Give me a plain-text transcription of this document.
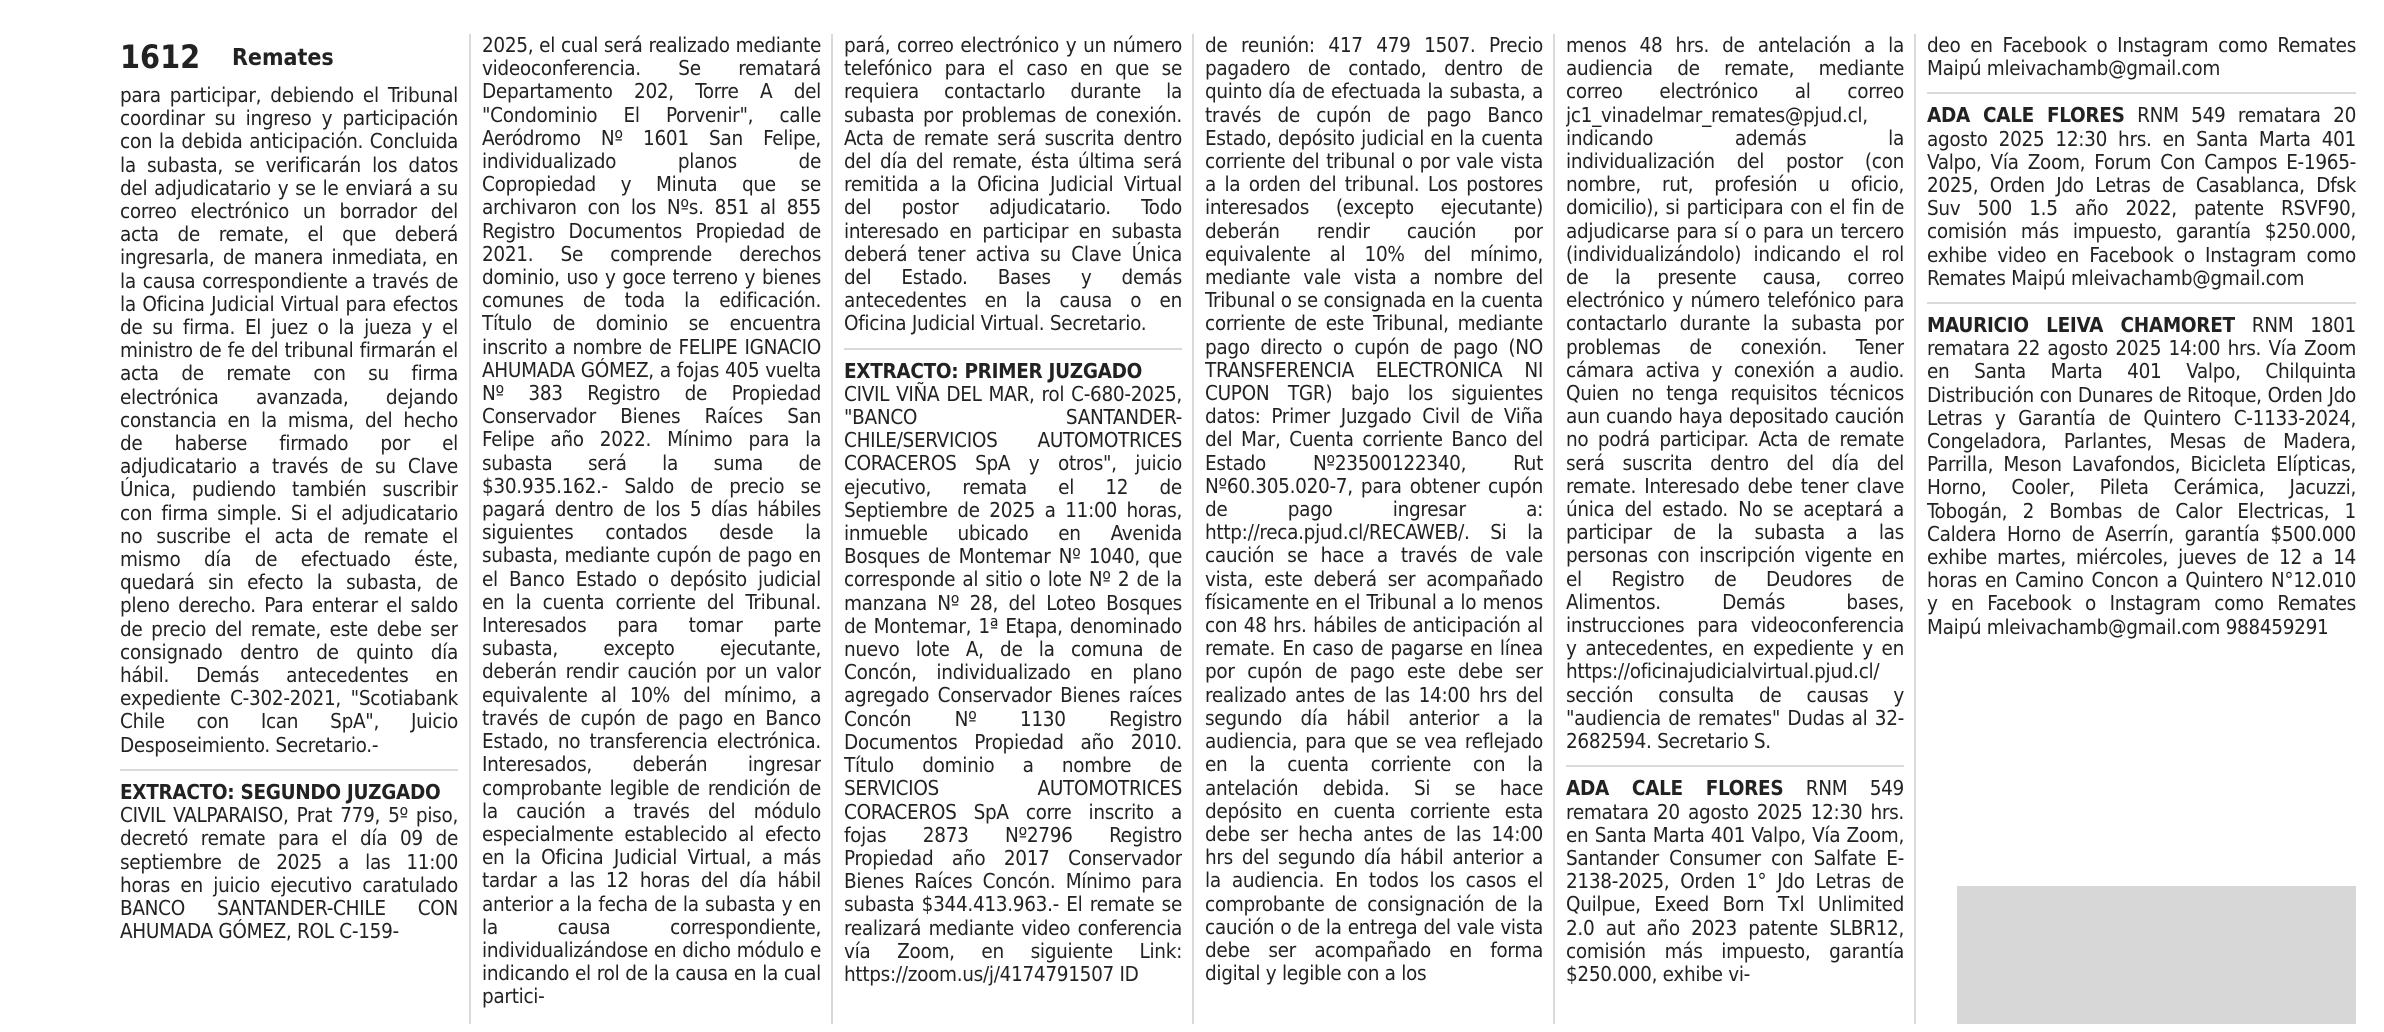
1612 Remates

para participar, debiendo el Tribunal coordinar su ingreso y participación con la debida anticipación. Concluida la subasta, se verificarán los datos del adjudicatario y se le enviará a su correo electrónico un borrador del acta de remate, el que deberá ingresarla, de manera inmediata, en la causa correspondiente a través de la Oficina Judicial Virtual para efectos de su firma. El juez o la jueza y el ministro de fe del tribunal firmarán el acta de remate con su firma electrónica avanzada, dejando constancia en la misma, del hecho de haberse firmado por el adjudicatario a través de su Clave Única, pudiendo también suscribir con firma simple. Si el adjudicatario no suscribe el acta de remate el mismo día de efectuado éste, quedará sin efecto la subasta, de pleno derecho. Para enterar el saldo de precio del remate, este debe ser consignado dentro de quinto día hábil. Demás antecedentes en expediente C-302-2021, "Scotiabank Chile con Ican SpA", Juicio Desposeimiento. Secretario.-

EXTRACTO: SEGUNDO JUZGADO
CIVIL VALPARAISO, Prat 779, 5º piso, decretó remate para el día 09 de septiembre de 2025 a las 11:00 horas en juicio ejecutivo caratulado BANCO SANTANDER-CHILE CON AHUMADA GÓMEZ, ROL C-159-

2025, el cual será realizado mediante videoconferencia. Se rematará Departamento 202, Torre A del "Condominio El Porvenir", calle Aeródromo Nº 1601 San Felipe, individualizado planos de Copropiedad y Minuta que se archivaron con los Nºs. 851 al 855 Registro Documentos Propiedad de 2021. Se comprende derechos dominio, uso y goce terreno y bienes comunes de toda la edificación. Título de dominio se encuentra inscrito a nombre de FELIPE IGNACIO AHUMADA GÓMEZ, a fojas 405 vuelta Nº 383 Registro de Propiedad Conservador Bienes Raíces San Felipe año 2022. Mínimo para la subasta será la suma de $30.935.162.- Saldo de precio se pagará dentro de los 5 días hábiles siguientes contados desde la subasta, mediante cupón de pago en el Banco Estado o depósito judicial en la cuenta corriente del Tribunal. Interesados para tomar parte subasta, excepto ejecutante, deberán rendir caución por un valor equivalente al 10% del mínimo, a través de cupón de pago en Banco Estado, no transferencia electrónica. Interesados, deberán ingresar comprobante legible de rendición de la caución a través del módulo especialmente establecido al efecto en la Oficina Judicial Virtual, a más tardar a las 12 horas del día hábil anterior a la fecha de la subasta y en la causa correspondiente, individualizándose en dicho módulo e indicando el rol de la causa en la cual partici-

pará, correo electrónico y un número telefónico para el caso en que se requiera contactarlo durante la subasta por problemas de conexión. Acta de remate será suscrita dentro del día del remate, ésta última será remitida a la Oficina Judicial Virtual del postor adjudicatario. Todo interesado en participar en subasta deberá tener activa su Clave Única del Estado. Bases y demás antecedentes en la causa o en Oficina Judicial Virtual. Secretario.

EXTRACTO: PRIMER JUZGADO
CIVIL VIÑA DEL MAR, rol C-680-2025, "BANCO SANTANDER-CHILE/SERVICIOS AUTOMOTRICES CORACEROS SpA y otros", juicio ejecutivo, remata el 12 de Septiembre de 2025 a 11:00 horas, inmueble ubicado en Avenida Bosques de Montemar Nº 1040, que corresponde al sitio o lote Nº 2 de la manzana Nº 28, del Loteo Bosques de Montemar, 1ª Etapa, denominado nuevo lote A, de la comuna de Concón, individualizado en plano agregado Conservador Bienes raíces Concón Nº 1130 Registro Documentos Propiedad año 2010. Título dominio a nombre de SERVICIOS AUTOMOTRICES CORACEROS SpA corre inscrito a fojas 2873 Nº2796 Registro Propiedad año 2017 Conservador Bienes Raíces Concón. Mínimo para subasta $344.413.963.- El remate se realizará mediante video conferencia vía Zoom, en siguiente Link: https://zoom.us/j/4174791507 ID

de reunión: 417 479 1507. Precio pagadero de contado, dentro de quinto día de efectuada la subasta, a través de cupón de pago Banco Estado, depósito judicial en la cuenta corriente del tribunal o por vale vista a la orden del tribunal. Los postores interesados (excepto ejecutante) deberán rendir caución por equivalente al 10% del mínimo, mediante vale vista a nombre del Tribunal o se consignada en la cuenta corriente de este Tribunal, mediante pago directo o cupón de pago (NO TRANSFERENCIA ELECTRONICA NI CUPON TGR) bajo los siguientes datos: Primer Juzgado Civil de Viña del Mar, Cuenta corriente Banco del Estado Nº23500122340, Rut Nº60.305.020-7, para obtener cupón de pago ingresar a: http://reca.pjud.cl/RECAWEB/. Si la caución se hace a través de vale vista, este deberá ser acompañado físicamente en el Tribunal a lo menos con 48 hrs. hábiles de anticipación al remate. En caso de pagarse en línea por cupón de pago este debe ser realizado antes de las 14:00 hrs del segundo día hábil anterior a la audiencia, para que se vea reflejado en la cuenta corriente con la antelación debida. Si se hace depósito en cuenta corriente esta debe ser hecha antes de las 14:00 hrs del segundo día hábil anterior a la audiencia. En todos los casos el comprobante de consignación de la caución o de la entrega del vale vista debe ser acompañado en forma digital y legible con a los

menos 48 hrs. de antelación a la audiencia de remate, mediante correo electrónico al correo jc1_vinadelmar_remates@pjud.cl, indicando además la individualización del postor (con nombre, rut, profesión u oficio, domicilio), si participara con el fin de adjudicarse para sí o para un tercero (individualizándolo) indicando el rol de la presente causa, correo electrónico y número telefónico para contactarlo durante la subasta por problemas de conexión. Tener cámara activa y conexión a audio. Quien no tenga requisitos técnicos aun cuando haya depositado caución no podrá participar. Acta de remate será suscrita dentro del día del remate. Interesado debe tener clave única del estado. No se aceptará a participar de la subasta a las personas con inscripción vigente en el Registro de Deudores de Alimentos. Demás bases, instrucciones para videoconferencia y antecedentes, en expediente y en https://oficinajudicialvirtual.pjud.cl/ sección consulta de causas y "audiencia de remates" Dudas al 32-2682594. Secretario S.

ADA CALE FLORES RNM 549 rematara 20 agosto 2025 12:30 hrs. en Santa Marta 401 Valpo, Vía Zoom, Santander Consumer con Salfate E-2138-2025, Orden 1° Jdo Letras de Quilpue, Exeed Born Txl Unlimited 2.0 aut año 2023 patente SLBR12, comisión más impuesto, garantía $250.000, exhibe vi-

deo en Facebook o Instagram como Remates Maipú mleivachamb@gmail.com

ADA CALE FLORES RNM 549 rematara 20 agosto 2025 12:30 hrs. en Santa Marta 401 Valpo, Vía Zoom, Forum Con Campos E-1965-2025, Orden Jdo Letras de Casablanca, Dfsk Suv 500 1.5 año 2022, patente RSVF90, comisión más impuesto, garantía $250.000, exhibe video en Facebook o Instagram como Remates Maipú mleivachamb@gmail.com

MAURICIO LEIVA CHAMORET RNM 1801 rematara 22 agosto 2025 14:00 hrs. Vía Zoom en Santa Marta 401 Valpo, Chilquinta Distribución con Dunares de Ritoque, Orden Jdo Letras y Garantía de Quintero C-1133-2024, Congeladora, Parlantes, Mesas de Madera, Parrilla, Meson Lavafondos, Bicicleta Elípticas, Horno, Cooler, Pileta Cerámica, Jacuzzi, Tobogán, 2 Bombas de Calor Electricas, 1 Caldera Horno de Aserrín, garantía $500.000 exhibe martes, miércoles, jueves de 12 a 14 horas en Camino Concon a Quintero N°12.010 y en Facebook o Instagram como Remates Maipú mleivachamb@gmail.com 988459291
